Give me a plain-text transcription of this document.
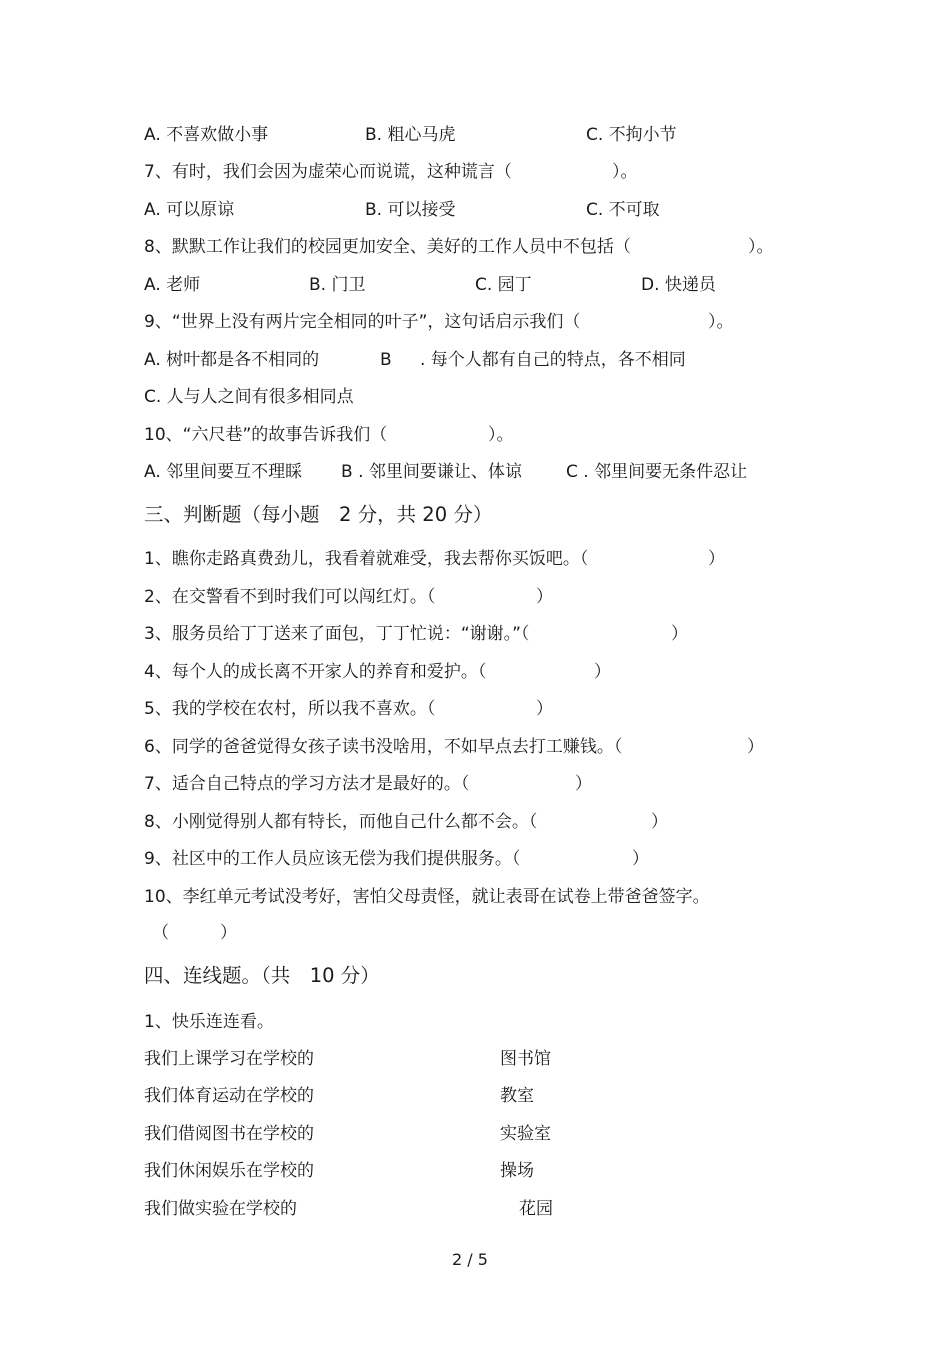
A. 不喜欢做小事	B. 粗心马虎	C. 不拘小节
7、有时，我们会因为虚荣心而说谎，这种谎言（	）。
A. 可以原谅	B. 可以接受	C. 不可取
8、默默工作让我们的校园更加安全、美好的工作人员中不包括（	）。
A. 老师	B. 门卫	C. 园丁	D. 快递员
9、“世界上没有两片完全相同的叶子”，这句话启示我们（	）。
A. 树叶都是各不相同的	B . 每个人都有自己的特点，各不相同
C. 人与人之间有很多相同点
10、“六尺巷”的故事告诉我们（	）。
A. 邻里间要互不理睬 B . 邻里间要谦让、体谅	C . 邻里间要无条件忍让
三、判断题（每小题　2 分，共 20 分）
1、瞧你走路真费劲儿，我看着就难受，我去帮你买饭吧。（	）
2、在交警看不到时我们可以闯红灯。（	）
3、服务员给丁丁送来了面包，丁丁忙说：“谢谢。”（	）
4、每个人的成长离不开家人的养育和爱护。（	）
5、我的学校在农村，所以我不喜欢。（	）
6、同学的爸爸觉得女孩子读书没啥用，不如早点去打工赚钱。（	）
7、适合自己特点的学习方法才是最好的。（	）
8、小刚觉得别人都有特长，而他自己什么都不会。（	）
9、社区中的工作人员应该无偿为我们提供服务。（	）
10、李红单元考试没考好，害怕父母责怪，就让表哥在试卷上带爸爸签字。
（　　　）
四、连线题。（共　10 分）
1、快乐连连看。
我们上课学习在学校的	图书馆
我们体育运动在学校的	教室
我们借阅图书在学校的	实验室
我们休闲娱乐在学校的	操场
我们做实验在学校的	花园
2 / 5
